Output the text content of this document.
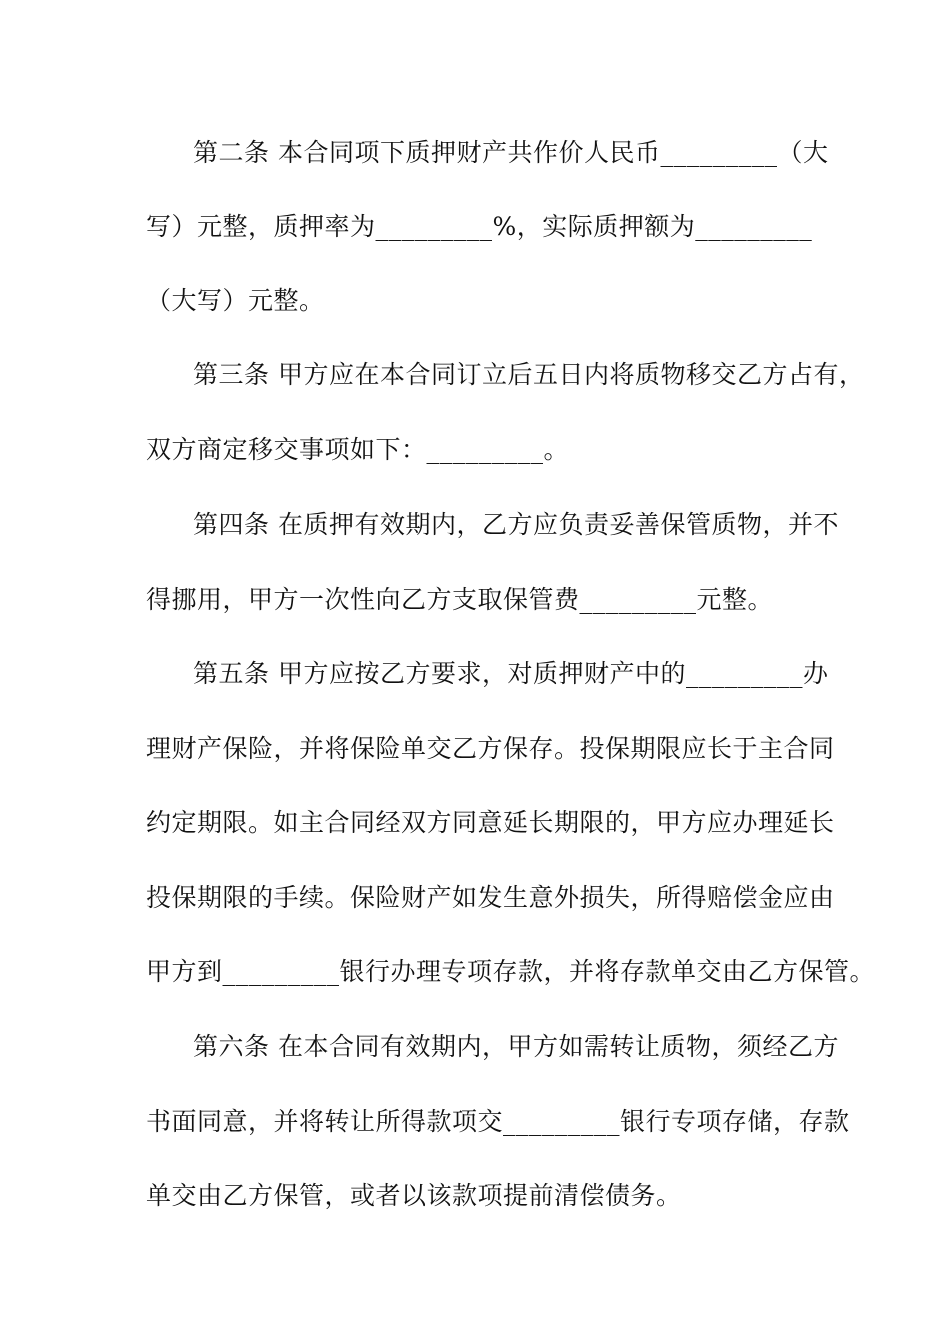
第二条 本合同项下质押财产共作价人民币_________（大
写）元整，质押率为_________%，实际质押额为_________
（大写）元整。
第三条 甲方应在本合同订立后五日内将质物移交乙方占有，
双方商定移交事项如下：_________。
第四条 在质押有效期内，乙方应负责妥善保管质物，并不
得挪用，甲方一次性向乙方支取保管费_________元整。
第五条 甲方应按乙方要求，对质押财产中的_________办
理财产保险，并将保险单交乙方保存。投保期限应长于主合同
约定期限。如主合同经双方同意延长期限的，甲方应办理延长
投保期限的手续。保险财产如发生意外损失，所得赔偿金应由
甲方到_________银行办理专项存款，并将存款单交由乙方保管。
第六条 在本合同有效期内，甲方如需转让质物，须经乙方
书面同意，并将转让所得款项交_________银行专项存储，存款
单交由乙方保管，或者以该款项提前清偿债务。
